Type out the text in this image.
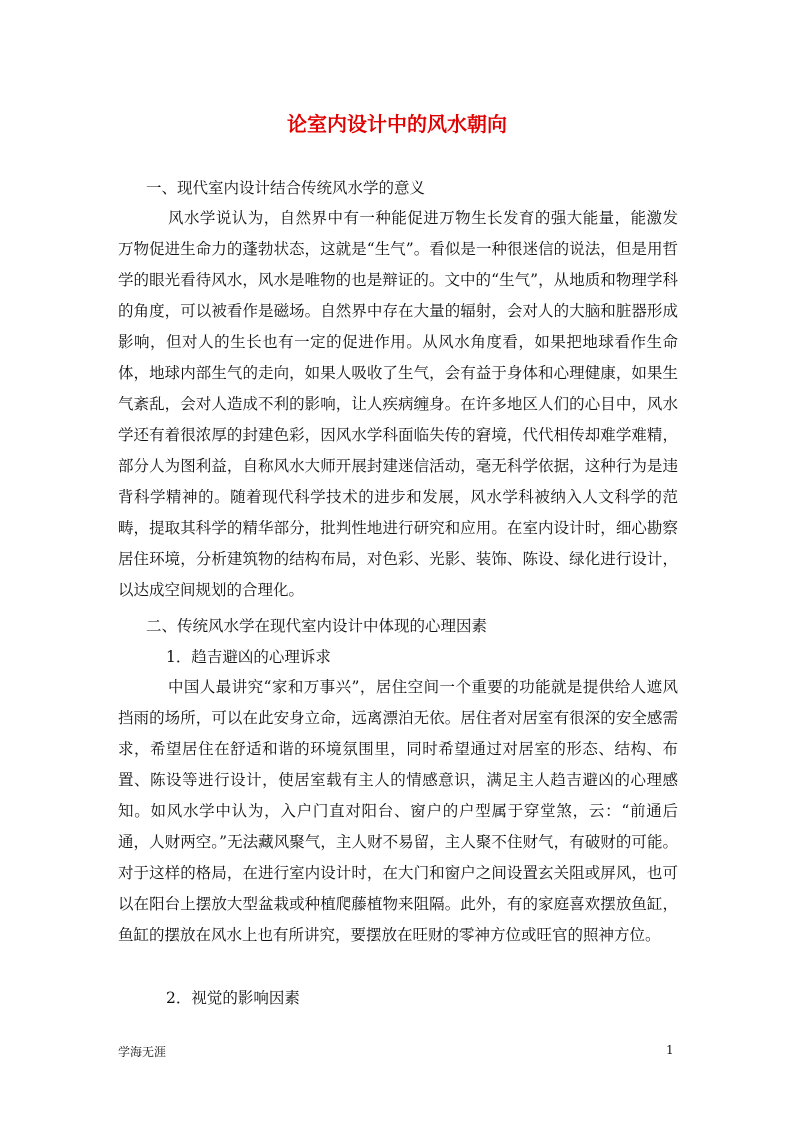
论室内设计中的风水朝向
一、现代室内设计结合传统风水学的意义

风水学说认为，自然界中有一种能促进万物生长发育的强大能量，能激发万物促进生命力的蓬勃状态，这就是“生气”。看似是一种很迷信的说法，但是用哲学的眼光看待风水，风水是唯物的也是辩证的。文中的“生气”，从地质和物理学科的角度，可以被看作是磁场。自然界中存在大量的辐射，会对人的大脑和脏器形成影响，但对人的生长也有一定的促进作用。从风水角度看，如果把地球看作生命体，地球内部生气的走向，如果人吸收了生气，会有益于身体和心理健康，如果生气紊乱，会对人造成不利的影响，让人疾病缠身。在许多地区人们的心目中，风水学还有着很浓厚的封建色彩，因风水学科面临失传的窘境，代代相传却难学难精，部分人为图利益，自称风水大师开展封建迷信活动，毫无科学依据，这种行为是违背科学精神的。随着现代科学技术的进步和发展，风水学科被纳入人文科学的范畴，提取其科学的精华部分，批判性地进行研究和应用。在室内设计时，细心勘察居住环境，分析建筑物的结构布局，对色彩、光影、装饰、陈设、绿化进行设计，以达成空间规划的合理化。

二、传统风水学在现代室内设计中体现的心理因素
1．趋吉避凶的心理诉求

中国人最讲究“家和万事兴”，居住空间一个重要的功能就是提供给人遮风挡雨的场所，可以在此安身立命，远离漂泊无依。居住者对居室有很深的安全感需求，希望居住在舒适和谐的环境氛围里，同时希望通过对居室的形态、结构、布置、陈设等进行设计，使居室载有主人的情感意识，满足主人趋吉避凶的心理感知。如风水学中认为，入户门直对阳台、窗户的户型属于穿堂煞，云：“前通后通，人财两空。”无法藏风聚气，主人财不易留，主人聚不住财气，有破财的可能。对于这样的格局，在进行室内设计时，在大门和窗户之间设置玄关阻或屏风，也可以在阳台上摆放大型盆栽或种植爬藤植物来阻隔。此外，有的家庭喜欢摆放鱼缸，鱼缸的摆放在风水上也有所讲究，要摆放在旺财的零神方位或旺官的照神方位。

2．视觉的影响因素
学海无涯	1
